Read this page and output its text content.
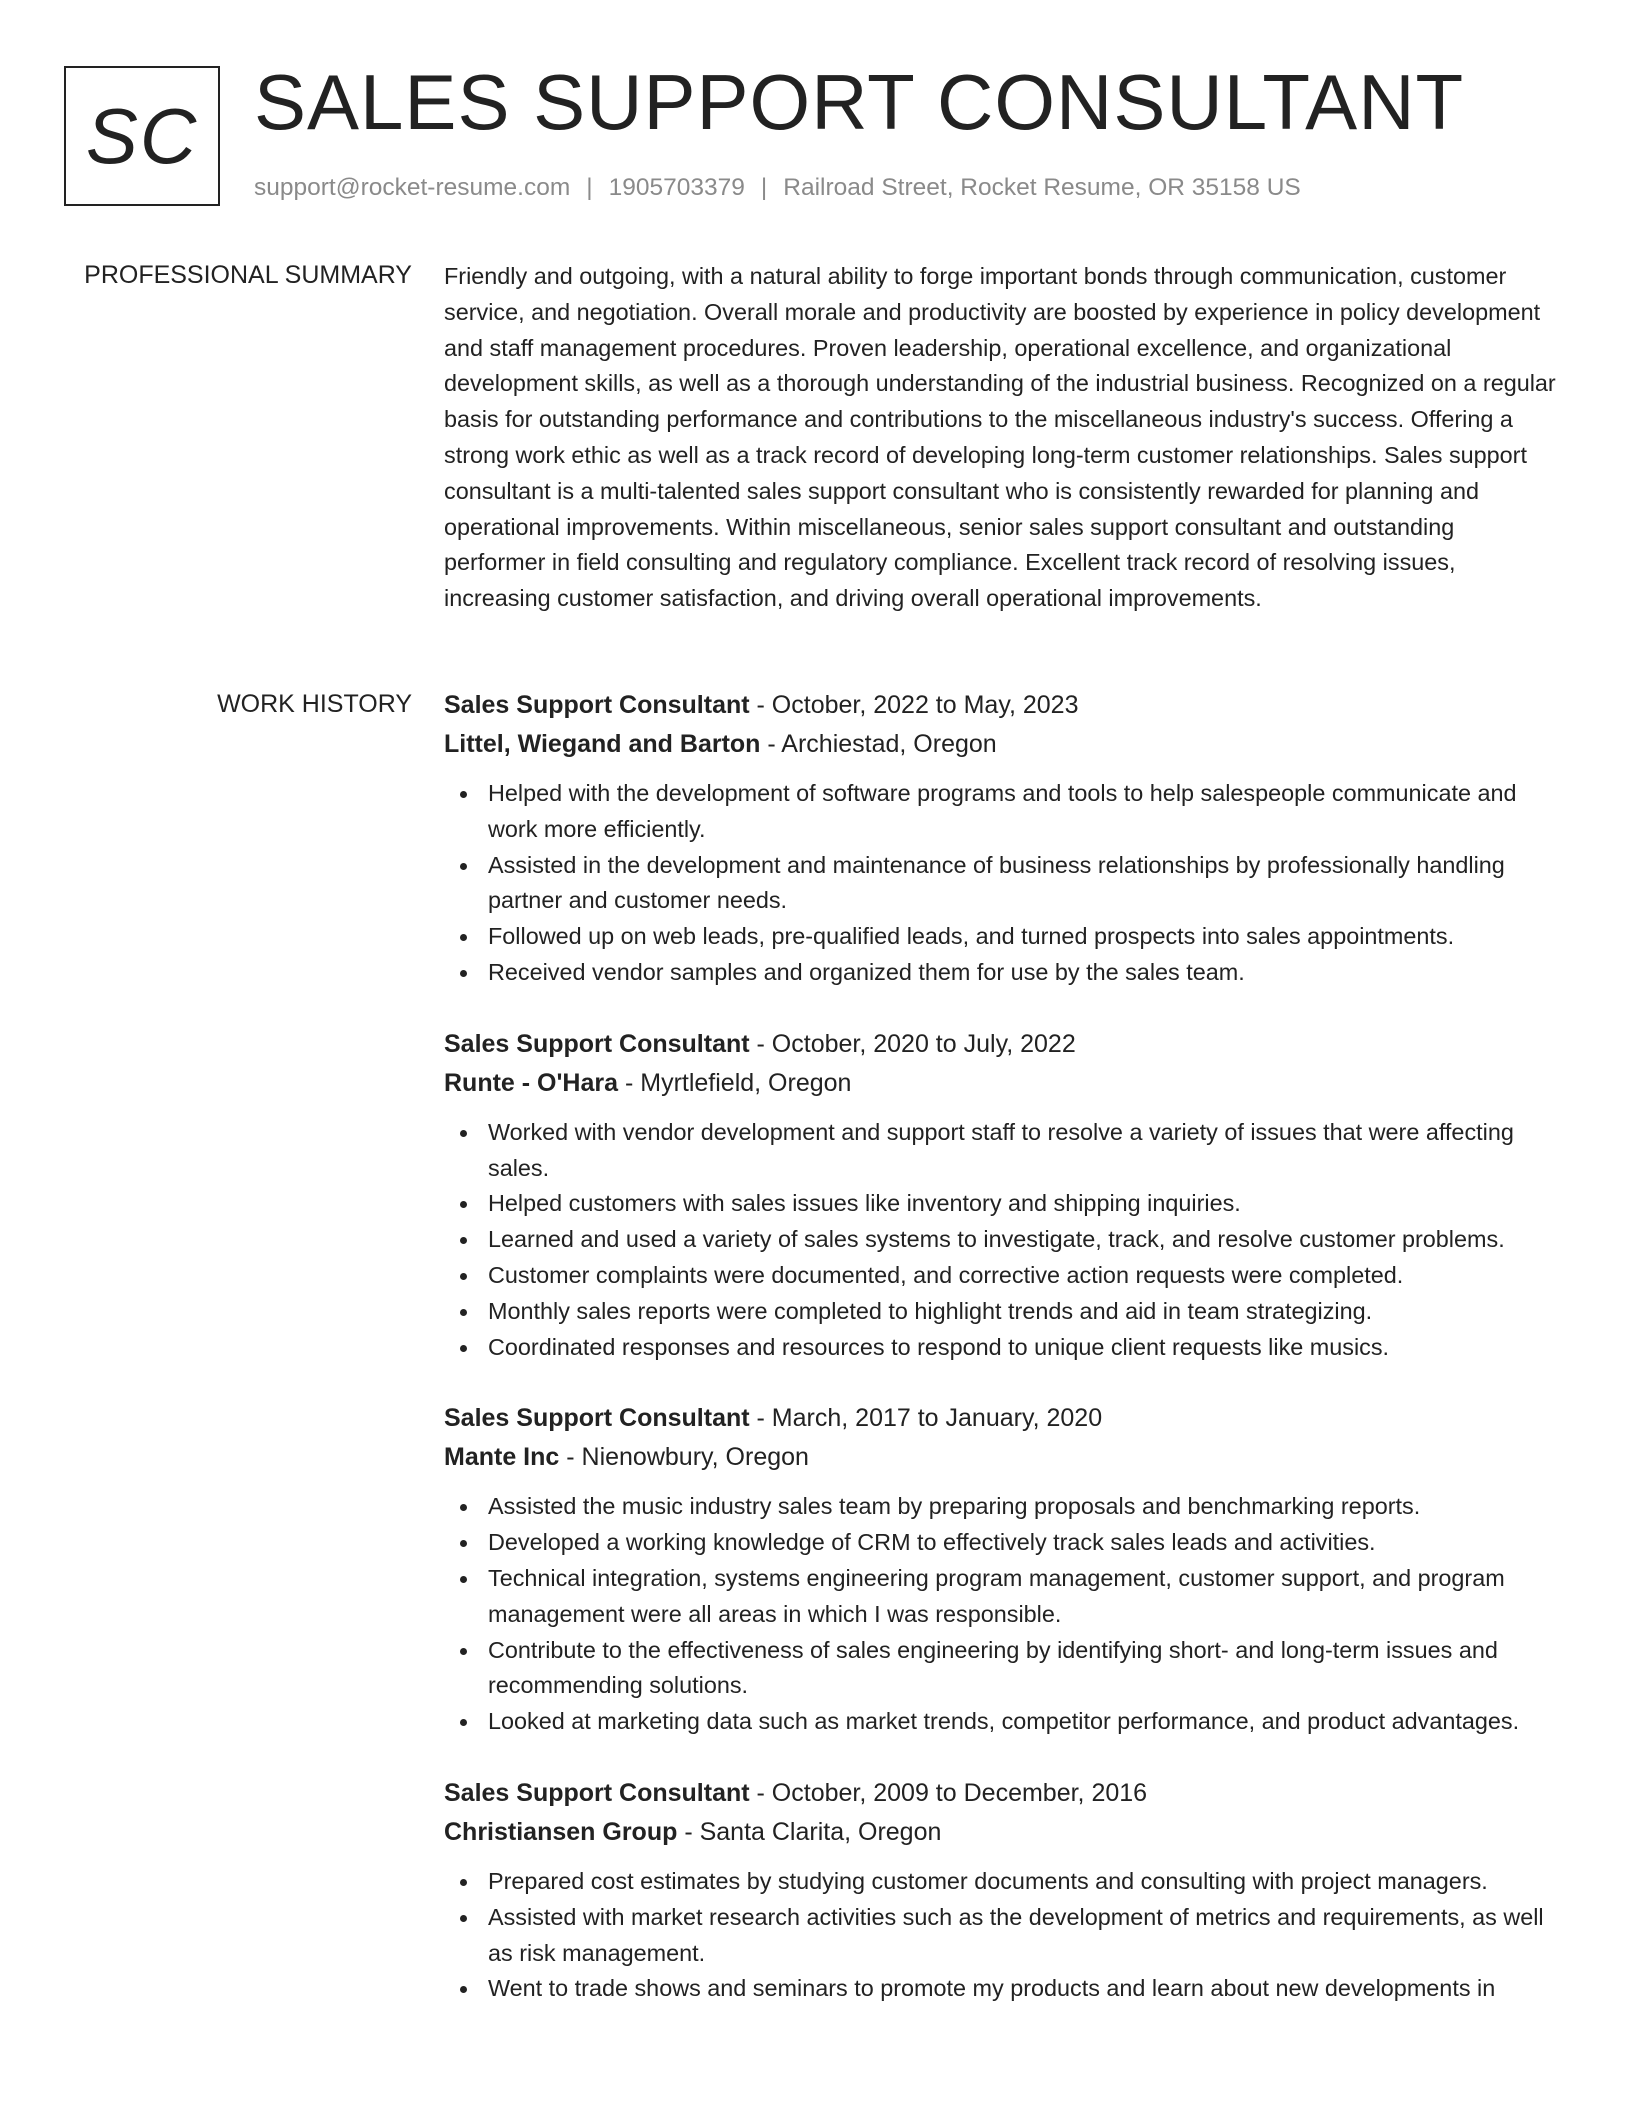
SC SALES SUPPORT CONSULTANT
support@rocket-resume.com | 1905703379 | Railroad Street, Rocket Resume, OR 35158 US
PROFESSIONAL SUMMARY Friendly and outgoing, with a natural ability to forge important bonds through communication, customer service, and negotiation. Overall morale and productivity are boosted by experience in policy development and staff management procedures. Proven leadership, operational excellence, and organizational development skills, as well as a thorough understanding of the industrial business. Recognized on a regular basis for outstanding performance and contributions to the miscellaneous industry's success. Offering a strong work ethic as well as a track record of developing long-term customer relationships. Sales support consultant is a multi-talented sales support consultant who is consistently rewarded for planning and operational improvements. Within miscellaneous, senior sales support consultant and outstanding performer in field consulting and regulatory compliance. Excellent track record of resolving issues, increasing customer satisfaction, and driving overall operational improvements.

WORK HISTORY Sales Support Consultant - October, 2022 to May, 2023
Littel, Wiegand and Barton - Archiestad, Oregon
Helped with the development of software programs and tools to help salespeople communicate and work more efficiently.
Assisted in the development and maintenance of business relationships by professionally handling partner and customer needs.
Followed up on web leads, pre-qualified leads, and turned prospects into sales appointments.
Received vendor samples and organized them for use by the sales team.
Sales Support Consultant - October, 2020 to July, 2022
Runte - O'Hara - Myrtlefield, Oregon
Worked with vendor development and support staff to resolve a variety of issues that were affecting sales.
Helped customers with sales issues like inventory and shipping inquiries.
Learned and used a variety of sales systems to investigate, track, and resolve customer problems.
Customer complaints were documented, and corrective action requests were completed.
Monthly sales reports were completed to highlight trends and aid in team strategizing.
Coordinated responses and resources to respond to unique client requests like musics.
Sales Support Consultant - March, 2017 to January, 2020
Mante Inc - Nienowbury, Oregon
Assisted the music industry sales team by preparing proposals and benchmarking reports.
Developed a working knowledge of CRM to effectively track sales leads and activities.
Technical integration, systems engineering program management, customer support, and program management were all areas in which I was responsible.
Contribute to the effectiveness of sales engineering by identifying short- and long-term issues and recommending solutions.
Looked at marketing data such as market trends, competitor performance, and product advantages.
Sales Support Consultant - October, 2009 to December, 2016
Christiansen Group - Santa Clarita, Oregon
Prepared cost estimates by studying customer documents and consulting with project managers.
Assisted with market research activities such as the development of metrics and requirements, as well as risk management.
Went to trade shows and seminars to promote my products and learn about new developments in
